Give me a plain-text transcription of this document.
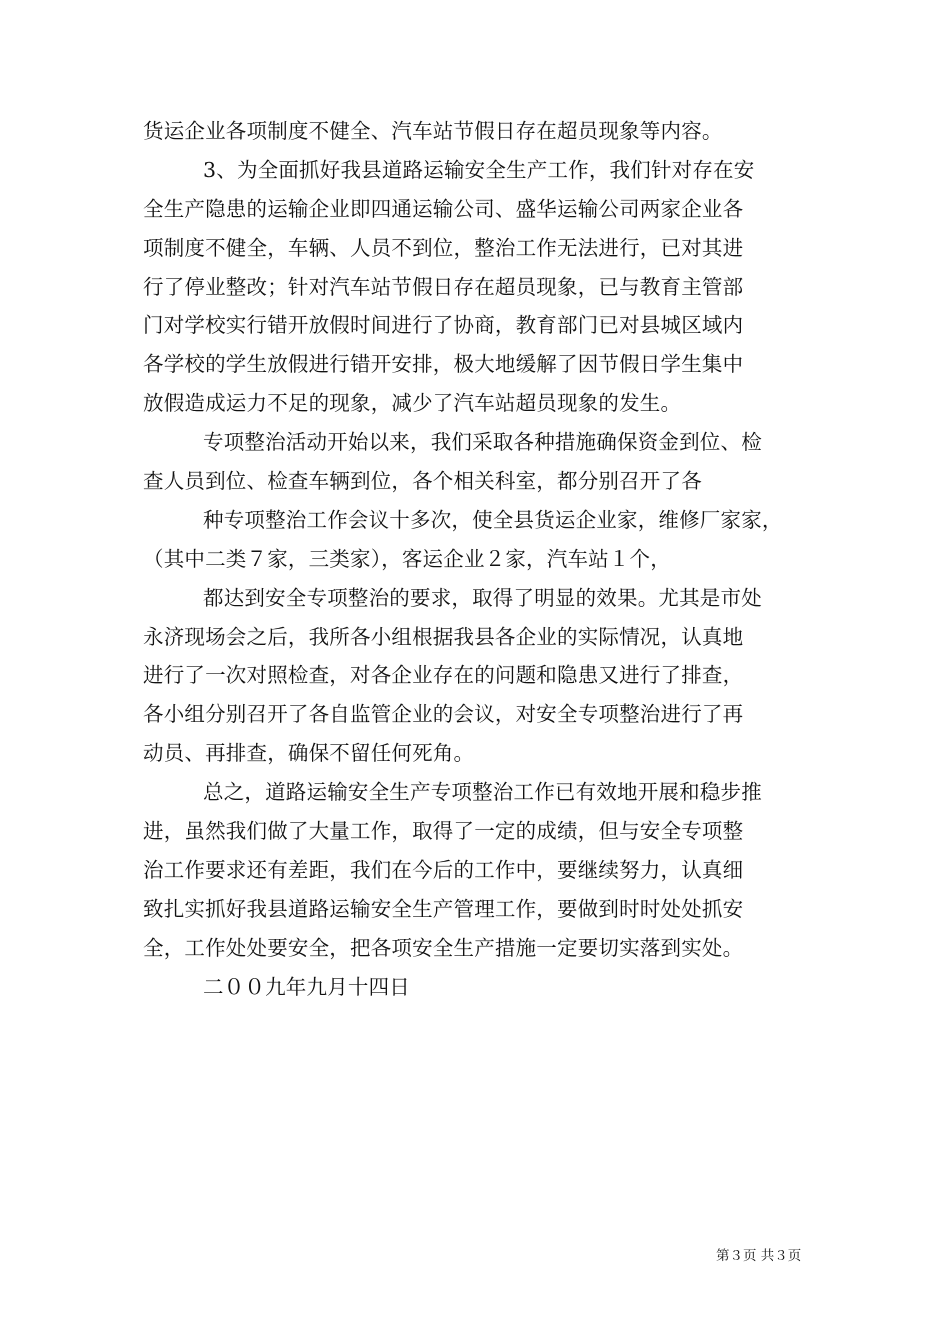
货运企业各项制度不健全、汽车站节假日存在超员现象等内容。
3、为全面抓好我县道路运输安全生产工作，我们针对存在安
全生产隐患的运输企业即四通运输公司、盛华运输公司两家企业各
项制度不健全，车辆、人员不到位，整治工作无法进行，已对其进
行了停业整改；针对汽车站节假日存在超员现象，已与教育主管部
门对学校实行错开放假时间进行了协商，教育部门已对县城区域内
各学校的学生放假进行错开安排，极大地缓解了因节假日学生集中
放假造成运力不足的现象，减少了汽车站超员现象的发生。
专项整治活动开始以来，我们采取各种措施确保资金到位、检
查人员到位、检查车辆到位，各个相关科室，都分别召开了各
种专项整治工作会议十多次，使全县货运企业家，维修厂家家，
（其中二类７家，三类家），客运企业２家，汽车站１个，
都达到安全专项整治的要求，取得了明显的效果。尤其是市处
永济现场会之后，我所各小组根据我县各企业的实际情况，认真地
进行了一次对照检查，对各企业存在的问题和隐患又进行了排查，
各小组分别召开了各自监管企业的会议，对安全专项整治进行了再
动员、再排查，确保不留任何死角。
总之，道路运输安全生产专项整治工作已有效地开展和稳步推
进，虽然我们做了大量工作，取得了一定的成绩，但与安全专项整
治工作要求还有差距，我们在今后的工作中，要继续努力，认真细
致扎实抓好我县道路运输安全生产管理工作，要做到时时处处抓安
全，工作处处要安全，把各项安全生产措施一定要切实落到实处。
二００九年九月十四日
第３页 共３页
